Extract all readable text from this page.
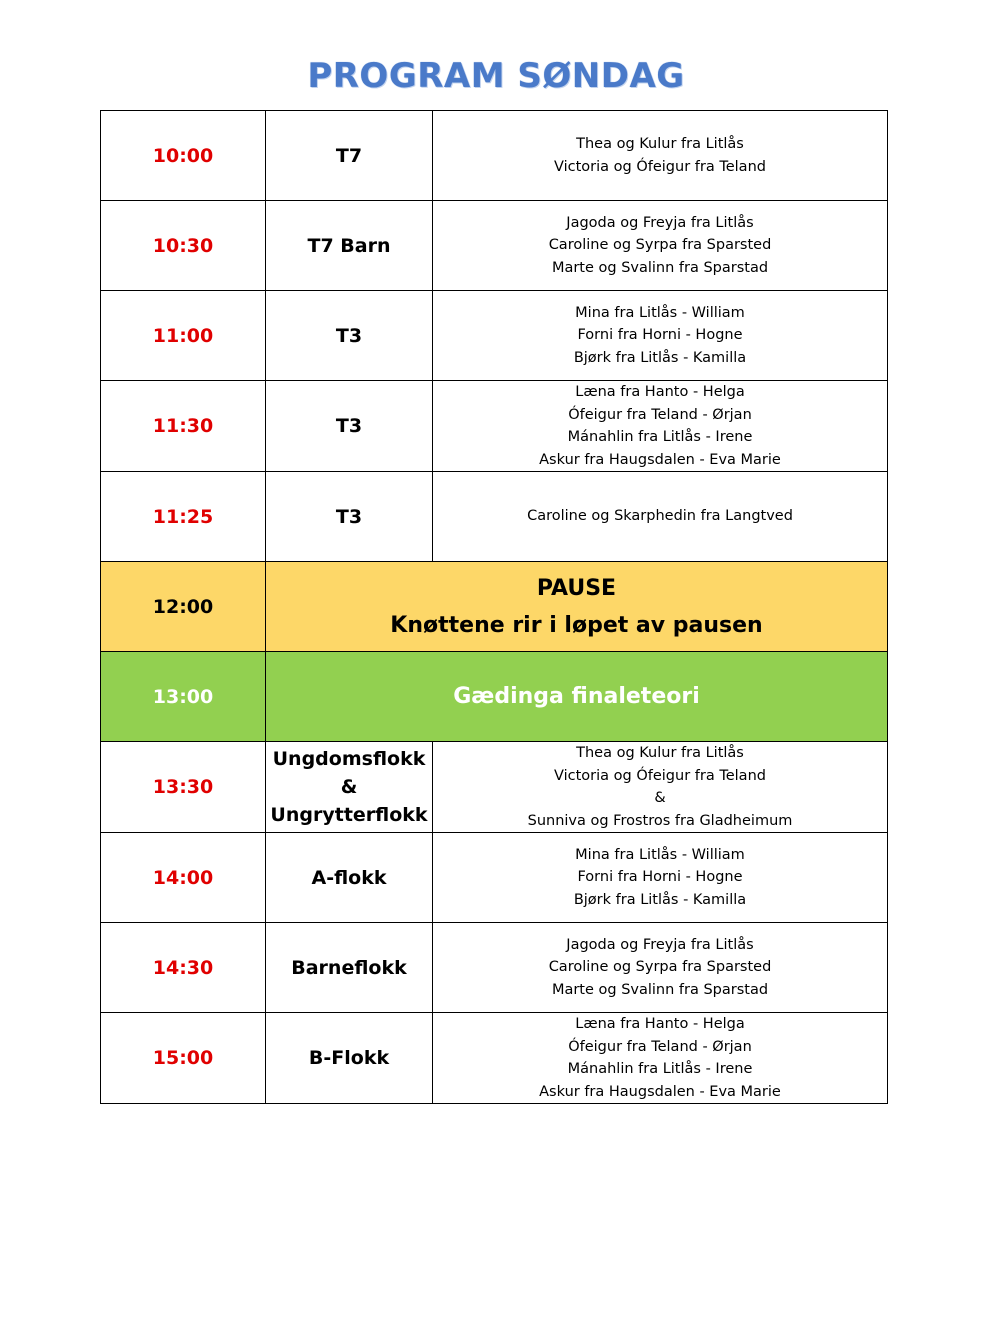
PROGRAM SØNDAG
10:00	T7	Thea og Kulur fra Litlås
Victoria og Ófeigur fra Teland

10:30	T7 Barn	Jagoda og Freyja fra Litlås
Caroline og Syrpa fra Sparsted
Marte og Svalinn fra Sparstad

11:00	T3	Mina fra Litlås - William
Forni fra Horni - Hogne
Bjørk fra Litlås - Kamilla

11:30	T3	Læna fra Hanto - Helga
Ófeigur fra Teland - Ørjan
Mánahlin fra Litlås - Irene
Askur fra Haugsdalen - Eva Marie

11:25	T3	Caroline og Skarphedin fra Langtved

12:00	PAUSE
Knøttene rir i løpet av pausen	

13:00	Gædinga finaleteori	
13:30	Ungdomsflokk
&
Ungrytterflokk	Thea og Kulur fra Litlås
Victoria og Ófeigur fra Teland
&
Sunniva og Frostros fra Gladheimum

14:00	A-flokk	Mina fra Litlås - William
Forni fra Horni - Hogne
Bjørk fra Litlås - Kamilla

14:30	Barneflokk	Jagoda og Freyja fra Litlås
Caroline og Syrpa fra Sparsted
Marte og Svalinn fra Sparstad

15:00	B-Flokk	Læna fra Hanto - Helga
Ófeigur fra Teland - Ørjan
Mánahlin fra Litlås - Irene
Askur fra Haugsdalen - Eva Marie
